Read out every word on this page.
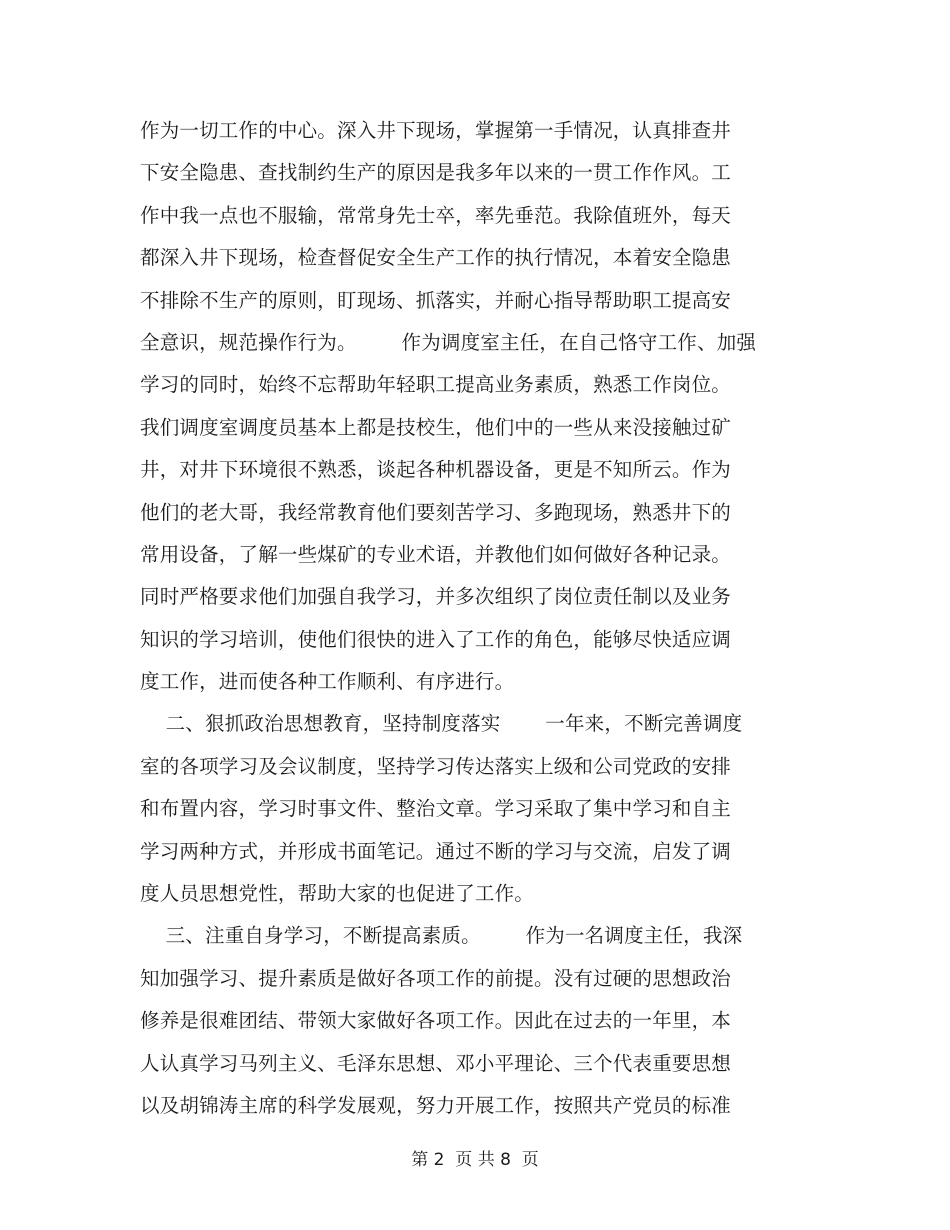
作为一切工作的中心。深入井下现场，掌握第一手情况，认真排查井
下安全隐患、查找制约生产的原因是我多年以来的一贯工作作风。工
作中我一点也不服输，常常身先士卒，率先垂范。我除值班外，每天
都深入井下现场，检查督促安全生产工作的执行情况，本着安全隐患
不排除不生产的原则，盯现场、抓落实，并耐心指导帮助职工提高安
全意识，规范操作行为。       作为调度室主任，在自己恪守工作、加强
学习的同时，始终不忘帮助年轻职工提高业务素质，熟悉工作岗位。
我们调度室调度员基本上都是技校生，他们中的一些从来没接触过矿
井，对井下环境很不熟悉，谈起各种机器设备，更是不知所云。作为
他们的老大哥，我经常教育他们要刻苦学习、多跑现场，熟悉井下的
常用设备，了解一些煤矿的专业术语，并教他们如何做好各种记录。
同时严格要求他们加强自我学习，并多次组织了岗位责任制以及业务
知识的学习培训，使他们很快的进入了工作的角色，能够尽快适应调
度工作，进而使各种工作顺利、有序进行。
二、狠抓政治思想教育，坚持制度落实       一年来，不断完善调度
室的各项学习及会议制度，坚持学习传达落实上级和公司党政的安排
和布置内容，学习时事文件、整治文章。学习采取了集中学习和自主
学习两种方式，并形成书面笔记。通过不断的学习与交流，启发了调
度人员思想党性，帮助大家的也促进了工作。
三、注重自身学习，不断提高素质。       作为一名调度主任，我深
知加强学习、提升素质是做好各项工作的前提。没有过硬的思想政治
修养是很难团结、带领大家做好各项工作。因此在过去的一年里，本
人认真学习马列主义、毛泽东思想、邓小平理论、三个代表重要思想
以及胡锦涛主席的科学发展观，努力开展工作，按照共产党员的标准
第 2  页 共 8  页
